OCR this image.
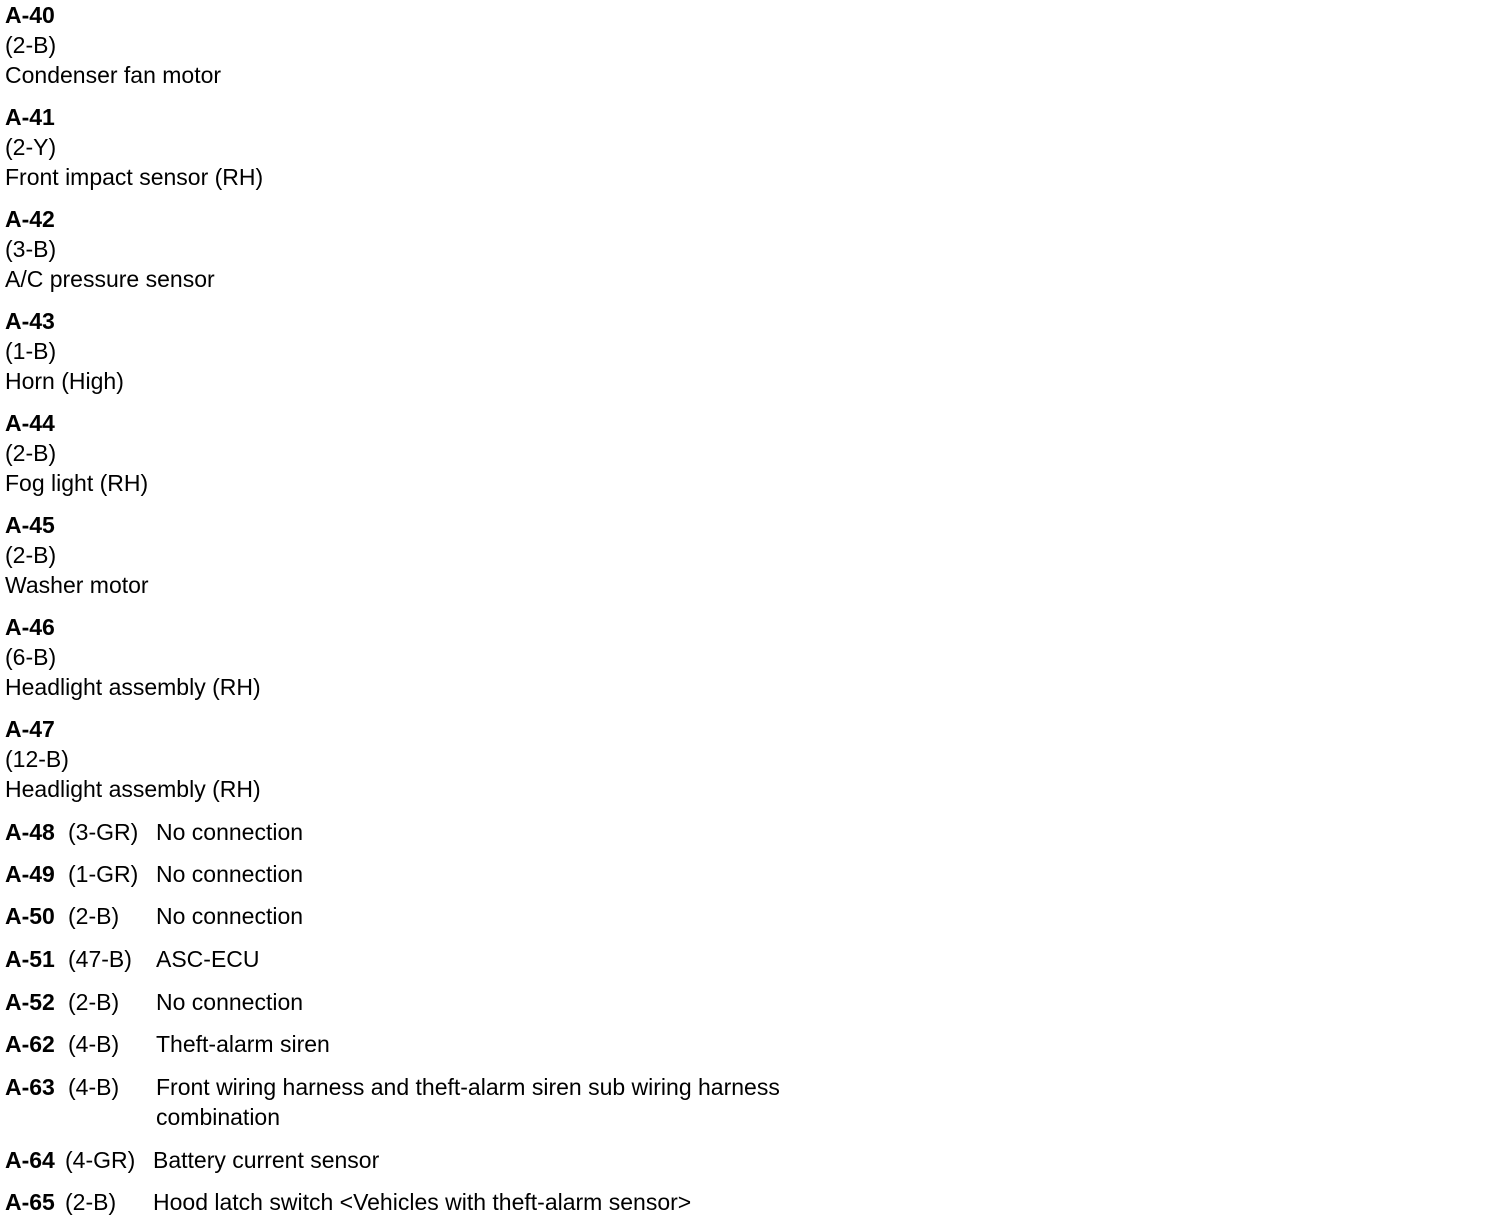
A-40
(2-B)
Condenser fan motor
A-41
(2-Y)
Front impact sensor (RH)
A-42
(3-B)
A/C pressure sensor
A-43
(1-B)
Horn (High)
A-44
(2-B)
Fog light (RH)
A-45
(2-B)
Washer motor
A-46
(6-B)
Headlight assembly (RH)
A-47
(12-B)
Headlight assembly (RH)
A-48 (3-GR) No connection
A-49 (1-GR) No connection
A-50 (2-B) No connection
A-51 (47-B) ASC-ECU
A-52 (2-B) No connection
A-62 (4-B) Theft-alarm siren
A-63 (4-B) Front wiring harness and theft-alarm siren sub wiring harness
combination
A-64 (4-GR) Battery current sensor
A-65 (2-B) Hood latch switch <Vehicles with theft-alarm sensor>
